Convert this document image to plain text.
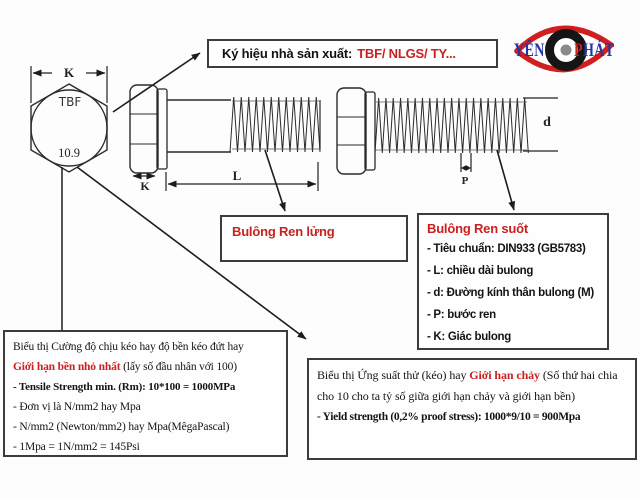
Ký hiệu nhà sản xuất: TBF/ NLGS/ TY...	YÊN PHÁT
K
TBF
10.9
K
L
d
P
Bulông Ren lửng	Bulông Ren suốt
- Tiêu chuẩn: DIN933 (GB5783)
- L: chiều dài bulong
- d: Đường kính thân bulong (M)
- P: bước ren
- K: Giác bulong
Biểu thị Cường độ chịu kéo hay độ bền kéo đứt hay
Giới hạn bền nhỏ nhất (lấy số đầu nhân với 100)
- Tensile Strength min. (Rm): 10*100 = 1000MPa
- Đơn vị là N/mm2 hay Mpa
- N/mm2 (Newton/mm2) hay Mpa(MêgaPascal)
- 1Mpa = 1N/mm2 = 145Psi
Biểu thị Ứng suất thử (kéo) hay Giới hạn chảy (Số thứ hai chia cho 10 cho ta tỷ số giữa giới hạn chảy và giới hạn bền)
- Yield strength (0,2% proof stress): 1000*9/10 = 900Mpa
